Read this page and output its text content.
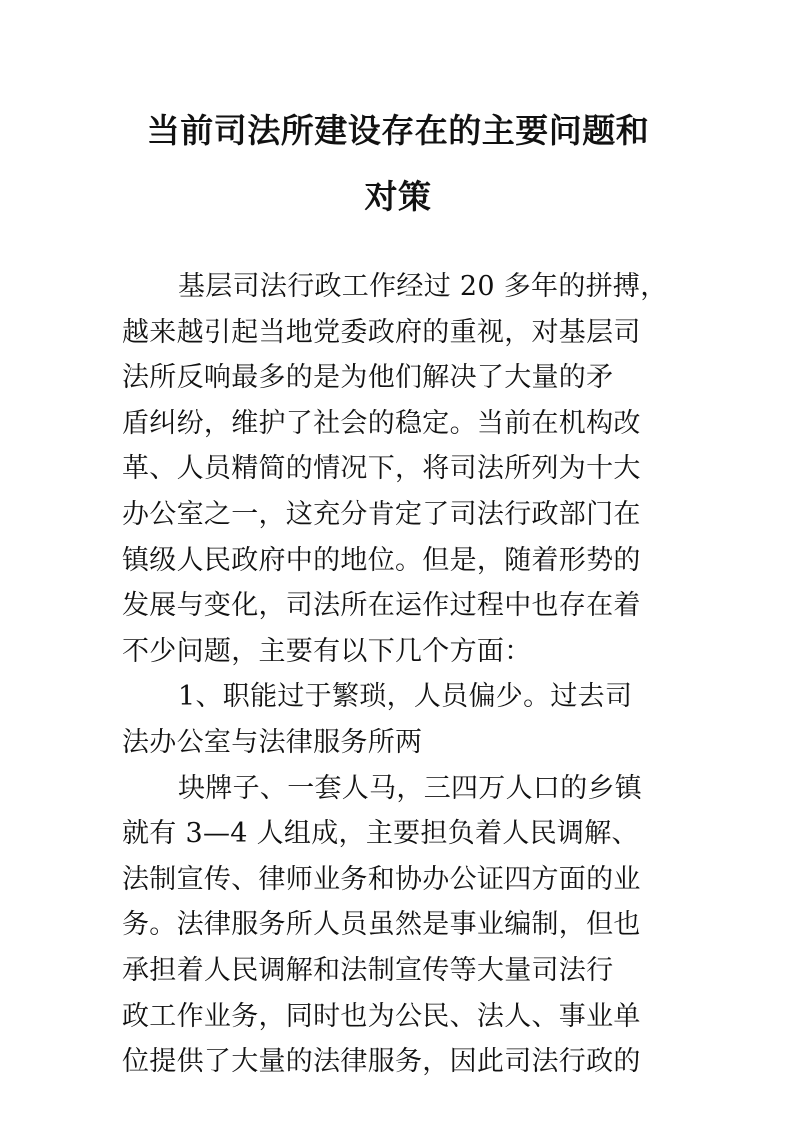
当前司法所建设存在的主要问题和
对策
基层司法行政工作经过 20 多年的拼搏，
越来越引起当地党委政府的重视，对基层司
法所反响最多的是为他们解决了大量的矛
盾纠纷，维护了社会的稳定。当前在机构改
革、人员精简的情况下，将司法所列为十大
办公室之一，这充分肯定了司法行政部门在
镇级人民政府中的地位。但是，随着形势的
发展与变化，司法所在运作过程中也存在着
不少问题，主要有以下几个方面：
1、职能过于繁琐，人员偏少。过去司
法办公室与法律服务所两
块牌子、一套人马，三四万人口的乡镇
就有 3—4 人组成，主要担负着人民调解、
法制宣传、律师业务和协办公证四方面的业
务。法律服务所人员虽然是事业编制，但也
承担着人民调解和法制宣传等大量司法行
政工作业务，同时也为公民、法人、事业单
位提供了大量的法律服务，因此司法行政的
